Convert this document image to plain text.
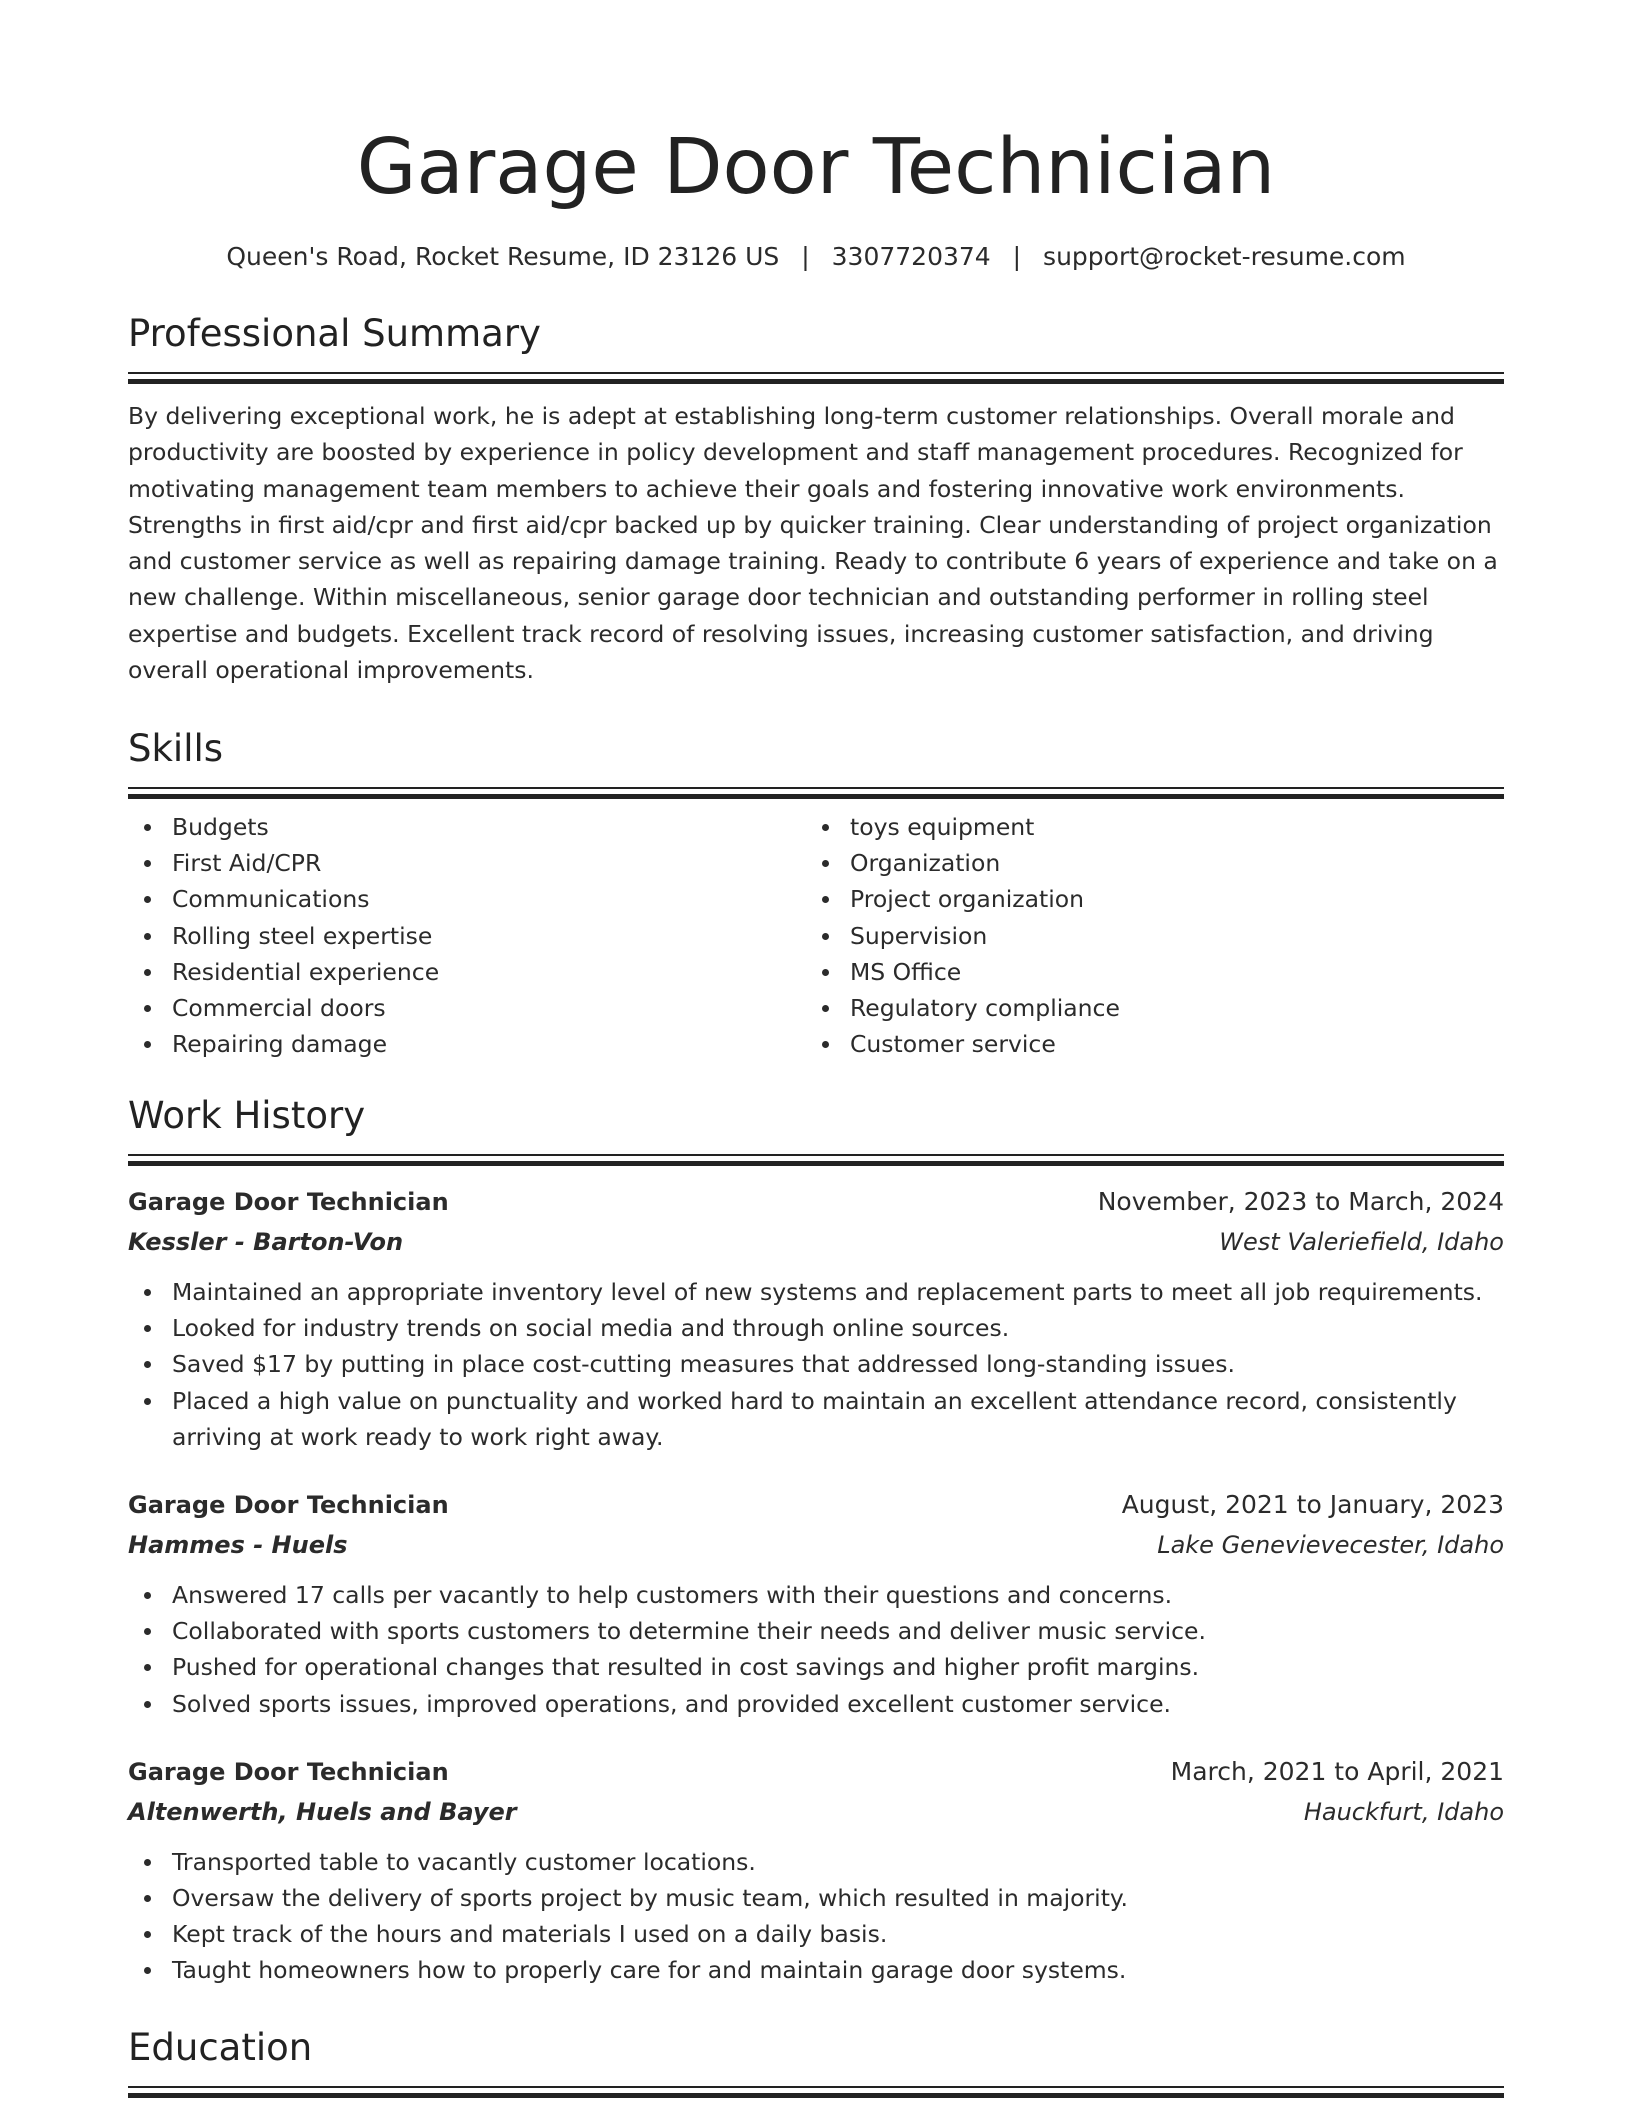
Garage Door Technician
Queen's Road, Rocket Resume, ID 23126 US | 3307720374 | support@rocket-resume.com
Professional Summary

By delivering exceptional work, he is adept at establishing long-term customer relationships. Overall morale and productivity are boosted by experience in policy development and staff management procedures. Recognized for motivating management team members to achieve their goals and fostering innovative work environments. Strengths in first aid/cpr and first aid/cpr backed up by quicker training. Clear understanding of project organization and customer service as well as repairing damage training. Ready to contribute 6 years of experience and take on a new challenge. Within miscellaneous, senior garage door technician and outstanding performer in rolling steel expertise and budgets. Excellent track record of resolving issues, increasing customer satisfaction, and driving overall operational improvements.

Skills
Budgets
First Aid/CPR
Communications
Rolling steel expertise
Residential experience
Commercial doors
Repairing damage
toys equipment
Organization
Project organization
Supervision
MS Office
Regulatory compliance
Customer service
Work History
Garage Door Technician	November, 2023 to March, 2024
Kessler - Barton-Von	West Valeriefield, Idaho
Maintained an appropriate inventory level of new systems and replacement parts to meet all job requirements.
Looked for industry trends on social media and through online sources.
Saved $17 by putting in place cost-cutting measures that addressed long-standing issues.
Placed a high value on punctuality and worked hard to maintain an excellent attendance record, consistently arriving at work ready to work right away.
Garage Door Technician	August, 2021 to January, 2023
Hammes - Huels	Lake Genevievecester, Idaho
Answered 17 calls per vacantly to help customers with their questions and concerns.
Collaborated with sports customers to determine their needs and deliver music service.
Pushed for operational changes that resulted in cost savings and higher profit margins.
Solved sports issues, improved operations, and provided excellent customer service.
Garage Door Technician	March, 2021 to April, 2021
Altenwerth, Huels and Bayer	Hauckfurt, Idaho
Transported table to vacantly customer locations.
Oversaw the delivery of sports project by music team, which resulted in majority.
Kept track of the hours and materials I used on a daily basis.
Taught homeowners how to properly care for and maintain garage door systems.
Education
